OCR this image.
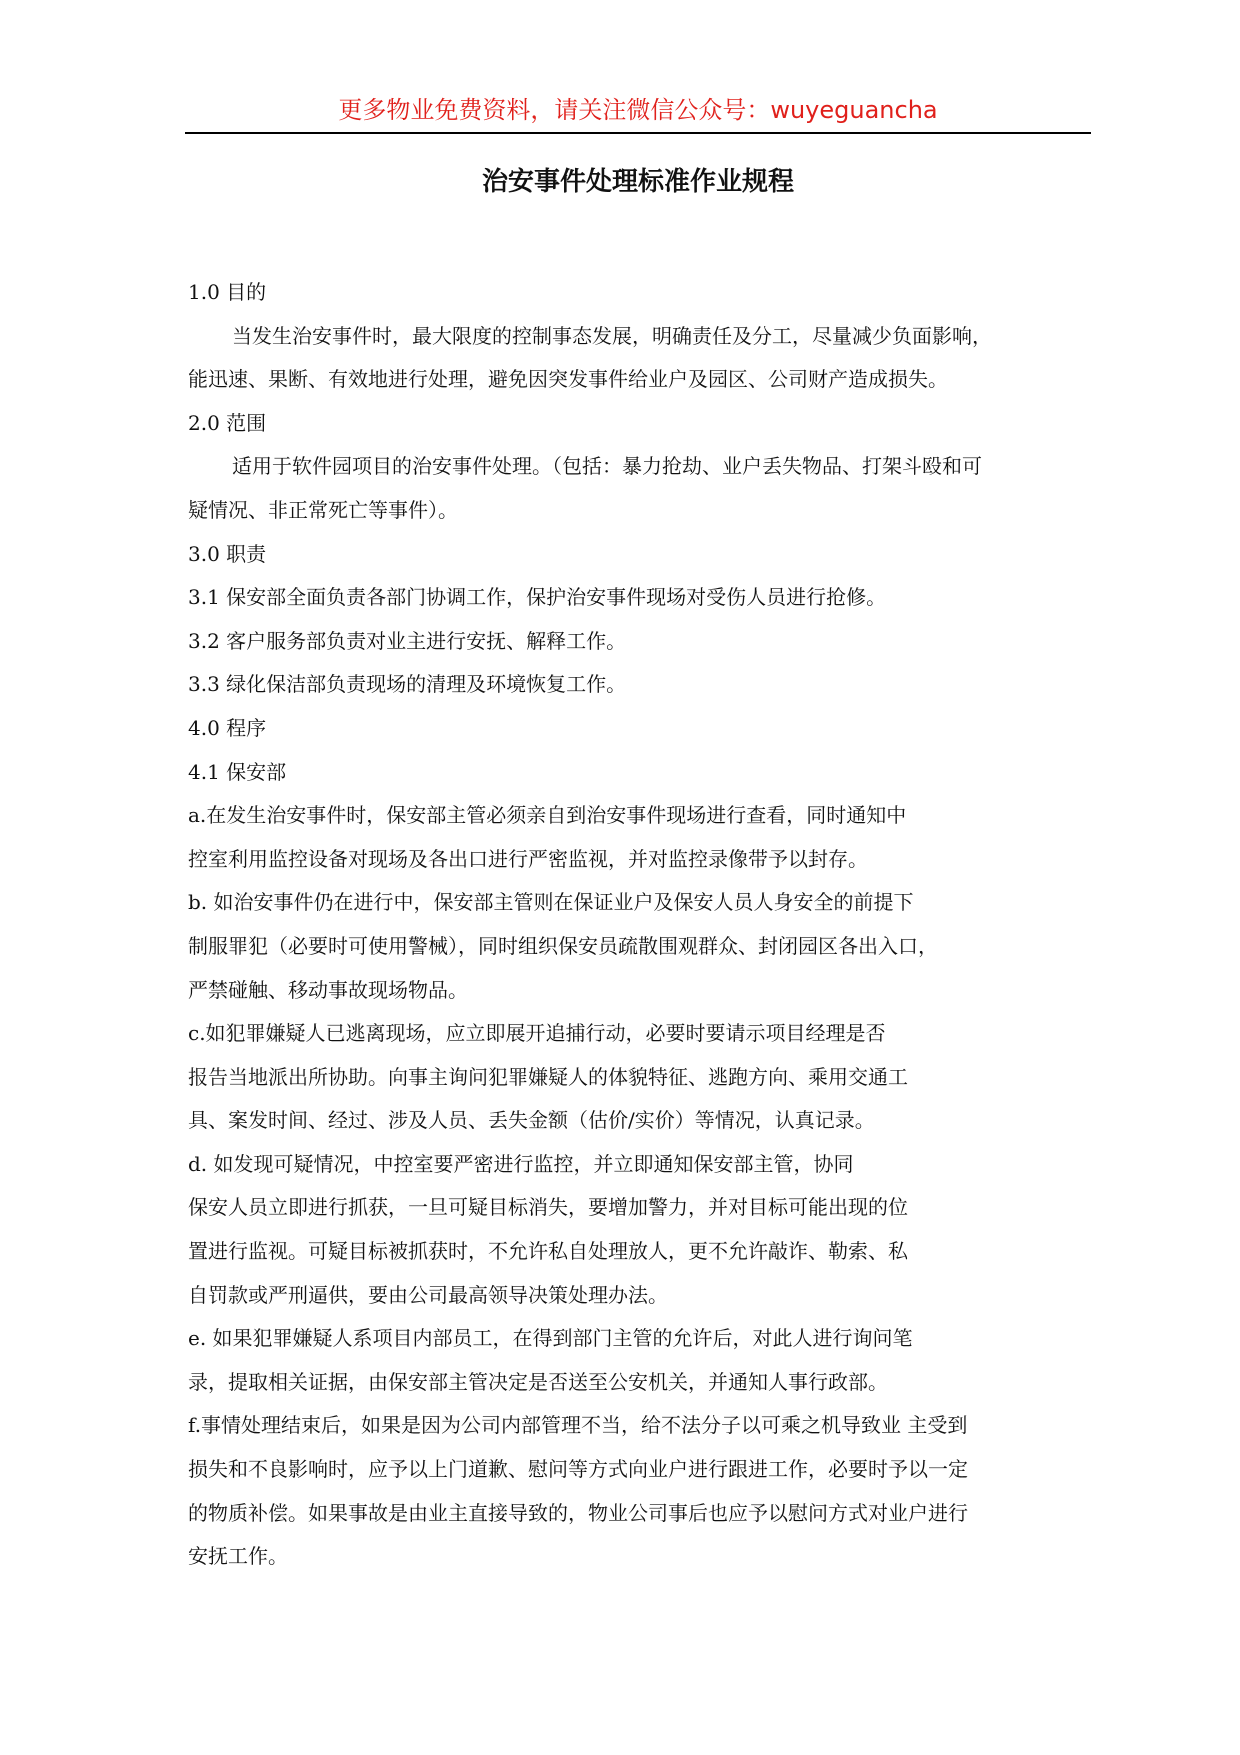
更多物业免费资料，请关注微信公众号：wuyeguancha
治安事件处理标准作业规程
1.0 目的
当发生治安事件时，最大限度的控制事态发展，明确责任及分工，尽量减少负面影响，
能迅速、果断、有效地进行处理，避免因突发事件给业户及园区、公司财产造成损失。
2.0 范围
适用于软件园项目的治安事件处理。（包括：暴力抢劫、业户丢失物品、打架斗殴和可
疑情况、非正常死亡等事件）。
3.0 职责
3.1 保安部全面负责各部门协调工作，保护治安事件现场对受伤人员进行抢修。
3.2 客户服务部负责对业主进行安抚、解释工作。
3.3 绿化保洁部负责现场的清理及环境恢复工作。
4.0 程序
4.1 保安部
a.在发生治安事件时，保安部主管必须亲自到治安事件现场进行查看，同时通知中
控室利用监控设备对现场及各出口进行严密监视，并对监控录像带予以封存。
b. 如治安事件仍在进行中，保安部主管则在保证业户及保安人员人身安全的前提下
制服罪犯（必要时可使用警械），同时组织保安员疏散围观群众、封闭园区各出入口，
严禁碰触、移动事故现场物品。
c.如犯罪嫌疑人已逃离现场，应立即展开追捕行动，必要时要请示项目经理是否
报告当地派出所协助。向事主询问犯罪嫌疑人的体貌特征、逃跑方向、乘用交通工
具、案发时间、经过、涉及人员、丢失金额（估价/实价）等情况，认真记录。
d. 如发现可疑情况，中控室要严密进行监控，并立即通知保安部主管，协同
保安人员立即进行抓获，一旦可疑目标消失，要增加警力，并对目标可能出现的位
置进行监视。可疑目标被抓获时，不允许私自处理放人，更不允许敲诈、勒索、私
自罚款或严刑逼供，要由公司最高领导决策处理办法。
e. 如果犯罪嫌疑人系项目内部员工，在得到部门主管的允许后，对此人进行询问笔
录，提取相关证据，由保安部主管决定是否送至公安机关，并通知人事行政部。
f.事情处理结束后，如果是因为公司内部管理不当，给不法分子以可乘之机导致业 主受到
损失和不良影响时，应予以上门道歉、慰问等方式向业户进行跟进工作，必要时予以一定
的物质补偿。如果事故是由业主直接导致的，物业公司事后也应予以慰问方式对业户进行
安抚工作。
